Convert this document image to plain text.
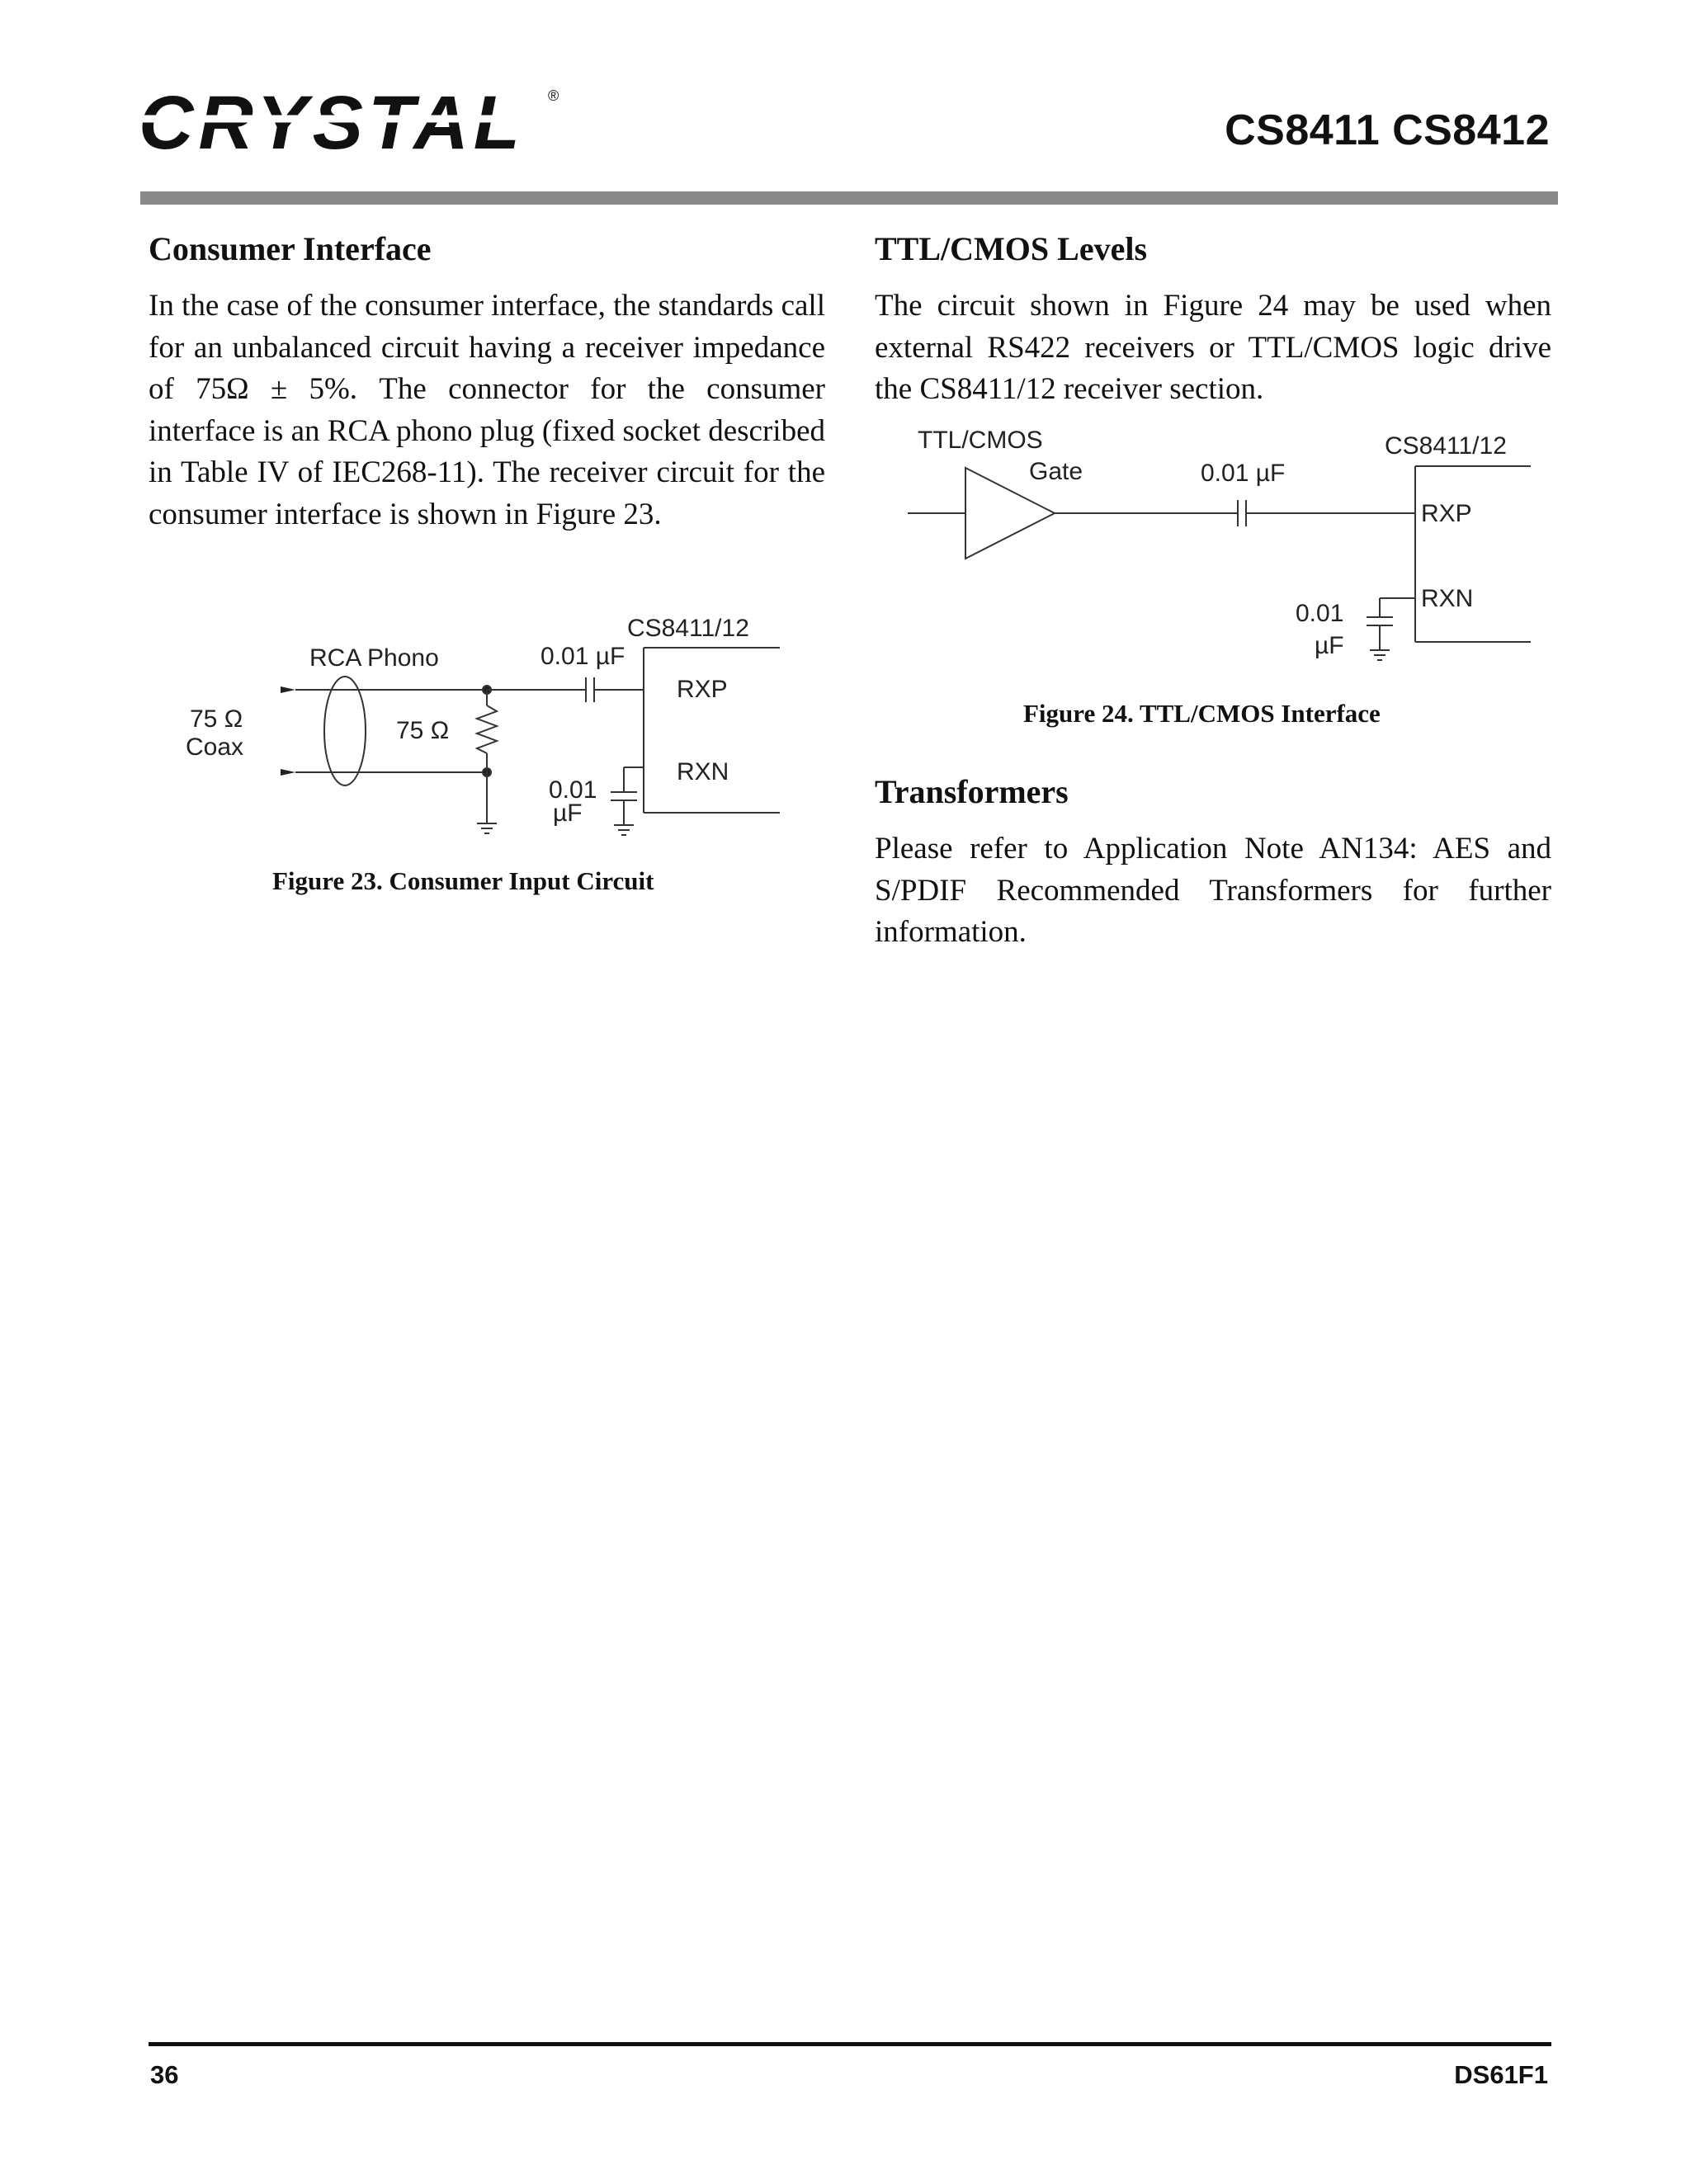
CRYSTAL ®
CS8411 CS8412
Consumer Interface

In the case of the consumer interface, the standards call for an unbalanced circuit having a receiver impedance of 75Ω ± 5%. The connector for the consumer interface is an RCA phono plug (fixed socket described in Table IV of IEC268-11). The receiver circuit for the consumer interface is shown in Figure 23.

CS8411/12
RCA Phono
75 Ω
Coax
75 Ω
0.01 µF
RXP
RXN
0.01
µF
Figure 23. Consumer Input Circuit
TTL/CMOS Levels

The circuit shown in Figure 24 may be used when external RS422 receivers or TTL/CMOS logic drive the CS8411/12 receiver section.

TTL/CMOS
Gate
CS8411/12
0.01 µF
RXP
RXN
0.01
µF
Figure 24. TTL/CMOS Interface
Transformers

Please refer to Application Note AN134: AES and S/PDIF Recommended Transformers for further information.

36	DS61F1
